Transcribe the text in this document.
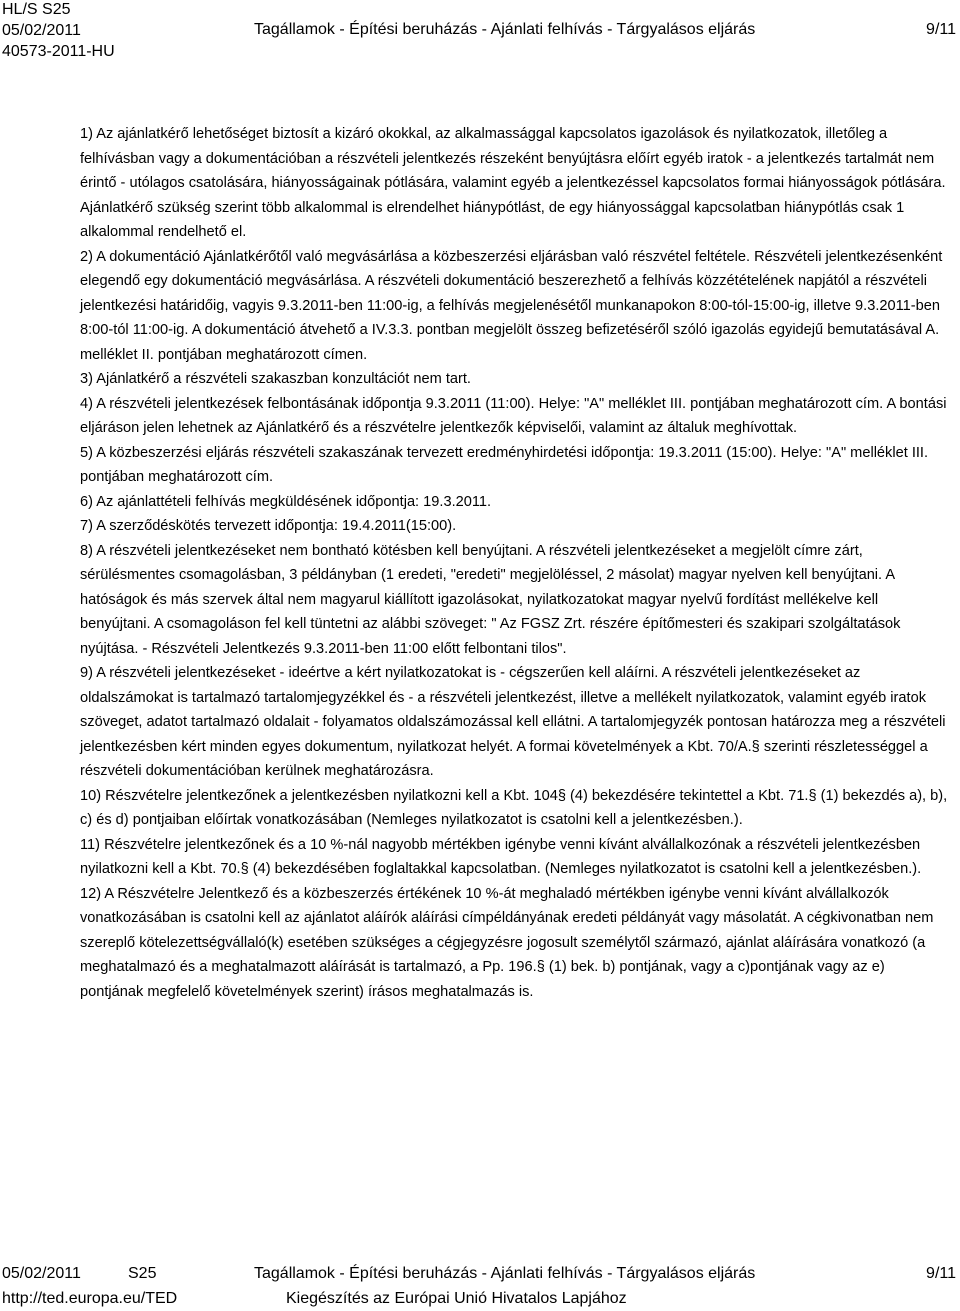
HL/S S25
05/02/2011
40573-2011-HU
Tagállamok - Építési beruházás - Ajánlati felhívás - Tárgyalásos eljárás	9/11

1) Az ajánlatkérő lehetőséget biztosít a kizáró okokkal, az alkalmassággal kapcsolatos igazolások és nyilatkozatok, illetőleg a felhívásban vagy a dokumentációban a részvételi jelentkezés részeként benyújtásra előírt egyéb iratok - a jelentkezés tartalmát nem érintő - utólagos csatolására, hiányosságainak pótlására, valamint egyéb a jelentkezéssel kapcsolatos formai hiányosságok pótlására. Ajánlatkérő szükség szerint több alkalommal is elrendelhet hiánypótlást, de egy hiányossággal kapcsolatban hiánypótlás csak 1 alkalommal rendelhető el.

2) A dokumentáció Ajánlatkérőtől való megvásárlása a közbeszerzési eljárásban való részvétel feltétele. Részvételi jelentkezésenként elegendő egy dokumentáció megvásárlása. A részvételi dokumentáció beszerezhető a felhívás közzétételének napjától a részvételi jelentkezési határidőig, vagyis 9.3.2011-ben 11:00-ig, a felhívás megjelenésétől munkanapokon 8:00-tól-15:00-ig, illetve 9.3.2011-ben 8:00-tól 11:00-ig. A dokumentáció átvehető a IV.3.3. pontban megjelölt összeg befizetéséről szóló igazolás egyidejű bemutatásával A. melléklet II. pontjában meghatározott címen.

3) Ajánlatkérő a részvételi szakaszban konzultációt nem tart.

4) A részvételi jelentkezések felbontásának időpontja 9.3.2011 (11:00). Helye: "A" melléklet III. pontjában meghatározott cím. A bontási eljáráson jelen lehetnek az Ajánlatkérő és a részvételre jelentkezők képviselői, valamint az általuk meghívottak.

5) A közbeszerzési eljárás részvételi szakaszának tervezett eredményhirdetési időpontja: 19.3.2011 (15:00). Helye: "A" melléklet III. pontjában meghatározott cím.

6) Az ajánlattételi felhívás megküldésének időpontja: 19.3.2011.

7) A szerződéskötés tervezett időpontja: 19.4.2011(15:00).

8) A részvételi jelentkezéseket nem bontható kötésben kell benyújtani. A részvételi jelentkezéseket a megjelölt címre zárt, sérülésmentes csomagolásban, 3 példányban (1 eredeti, "eredeti" megjelöléssel, 2 másolat) magyar nyelven kell benyújtani. A hatóságok és más szervek által nem magyarul kiállított igazolásokat, nyilatkozatokat magyar nyelvű fordítást mellékelve kell benyújtani. A csomagoláson fel kell tüntetni az alábbi szöveget: " Az FGSZ Zrt. részére építőmesteri és szakipari szolgáltatások nyújtása. - Részvételi Jelentkezés 9.3.2011-ben 11:00 előtt felbontani tilos".

9) A részvételi jelentkezéseket - ideértve a kért nyilatkozatokat is - cégszerűen kell aláírni. A részvételi jelentkezéseket az oldalszámokat is tartalmazó tartalomjegyzékkel és - a részvételi jelentkezést, illetve a mellékelt nyilatkozatok, valamint egyéb iratok szöveget, adatot tartalmazó oldalait - folyamatos oldalszámozással kell ellátni. A tartalomjegyzék pontosan határozza meg a részvételi jelentkezésben kért minden egyes dokumentum, nyilatkozat helyét. A formai követelmények a Kbt. 70/A.§ szerinti részletességgel a részvételi dokumentációban kerülnek meghatározásra.

10) Részvételre jelentkezőnek a jelentkezésben nyilatkozni kell a Kbt. 104§ (4) bekezdésére tekintettel a Kbt. 71.§ (1) bekezdés a), b), c) és d) pontjaiban előírtak vonatkozásában (Nemleges nyilatkozatot is csatolni kell a jelentkezésben.).

11) Részvételre jelentkezőnek és a 10 %-nál nagyobb mértékben igénybe venni kívánt alvállalkozónak a részvételi jelentkezésben nyilatkozni kell a Kbt. 70.§ (4) bekezdésében foglaltakkal kapcsolatban. (Nemleges nyilatkozatot is csatolni kell a jelentkezésben.).

12) A Részvételre Jelentkező és a közbeszerzés értékének 10 %-át meghaladó mértékben igénybe venni kívánt alvállalkozók vonatkozásában is csatolni kell az ajánlatot aláírók aláírási címpéldányának eredeti példányát vagy másolatát. A cégkivonatban nem szereplő kötelezettségvállaló(k) esetében szükséges a cégjegyzésre jogosult személytől származó, ajánlat aláírására vonatkozó (a meghatalmazó és a meghatalmazott aláírását is tartalmazó, a Pp. 196.§ (1) bek. b) pontjának, vagy a c)pontjának vagy az e) pontjának megfelelő követelmények szerint) írásos meghatalmazás is.

05/02/2011	S25
http://ted.europa.eu/TED
Tagállamok - Építési beruházás - Ajánlati felhívás - Tárgyalásos eljárás
Kiegészítés az Európai Unió Hivatalos Lapjához
9/11
